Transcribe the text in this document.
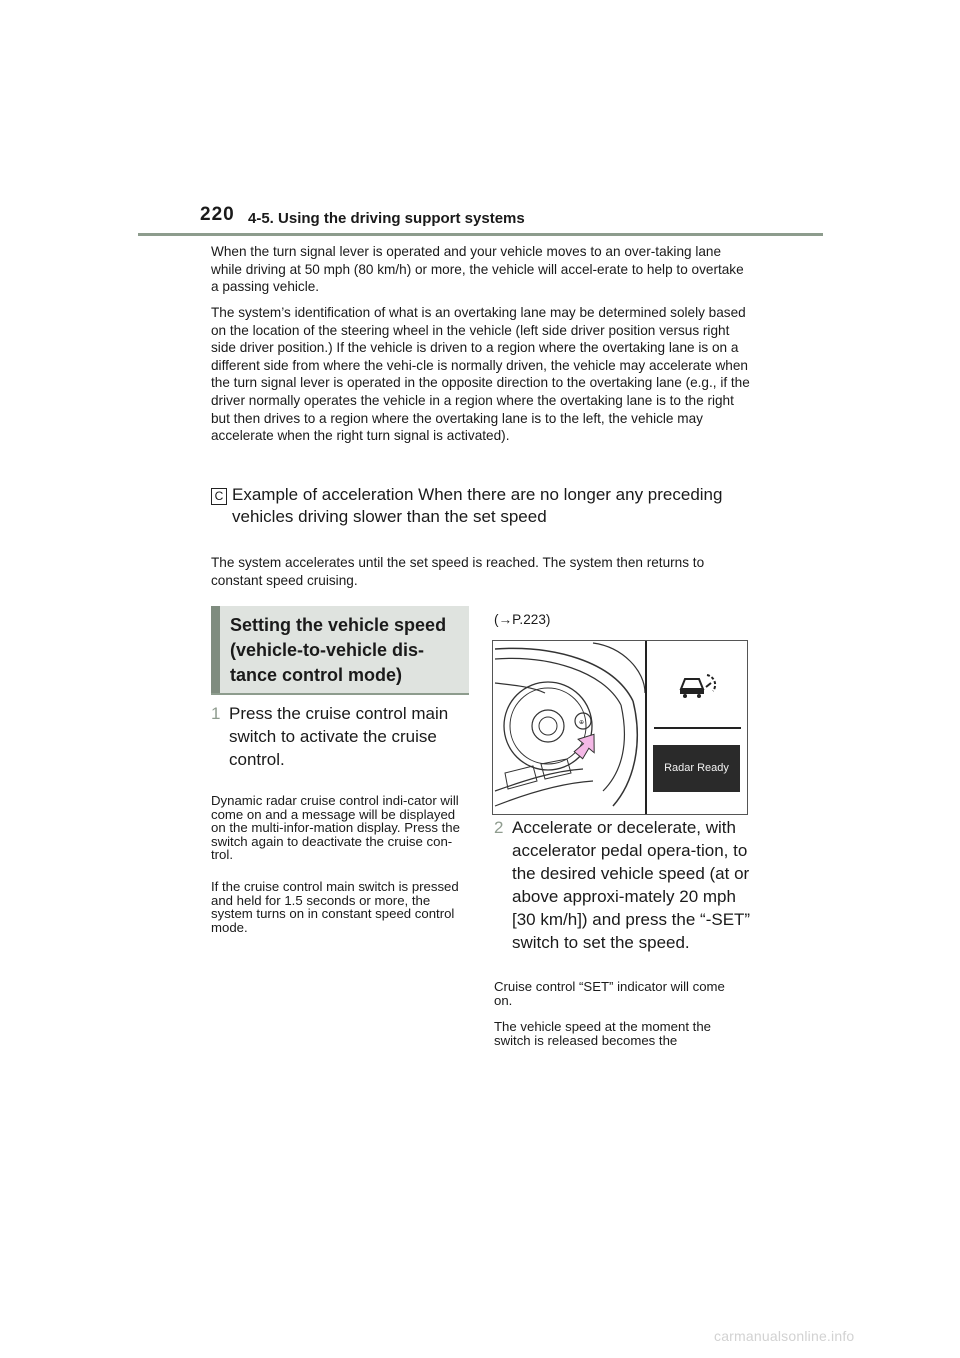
220 4-5. Using the driving support systems

When the turn signal lever is operated and your vehicle moves to an over-taking lane while driving at 50 mph (80 km/h) or more, the vehicle will accel-erate to help to overtake a passing vehicle.

The system’s identification of what is an overtaking lane may be determined solely based on the location of the steering wheel in the vehicle (left side driver position versus right side driver position.) If the vehicle is driven to a region where the overtaking lane is on a different side from where the vehi-cle is normally driven, the vehicle may accelerate when the turn signal lever is operated in the opposite direction to the overtaking lane (e.g., if the driver normally operates the vehicle in a region where the overtaking lane is to the right but then drives to a region where the overtaking lane is to the left, the vehicle may accelerate when the right turn signal is activated).

C Example of acceleration When there are no longer any preceding vehicles driving slower than the set speed

The system accelerates until the set speed is reached. The system then returns to constant speed cruising.

Setting the vehicle speed (vehicle-to-vehicle dis-tance control mode)
1 Press the cruise control main switch to activate the cruise control.

Dynamic radar cruise control indi-cator will come on and a message will be displayed on the multi-infor-mation display. Press the switch again to deactivate the cruise con-trol.

If the cruise control main switch is pressed and held for 1.5 seconds or more, the system turns on in constant speed control mode.

(→P.223)
⊕
Radar Ready
2 Accelerate or decelerate, with accelerator pedal opera-tion, to the desired vehicle speed (at or above approxi-mately 20 mph [30 km/h]) and press the “-SET” switch to set the speed.

Cruise control “SET” indicator will come on.

The vehicle speed at the moment the switch is released becomes the

carmanualsonline.info
